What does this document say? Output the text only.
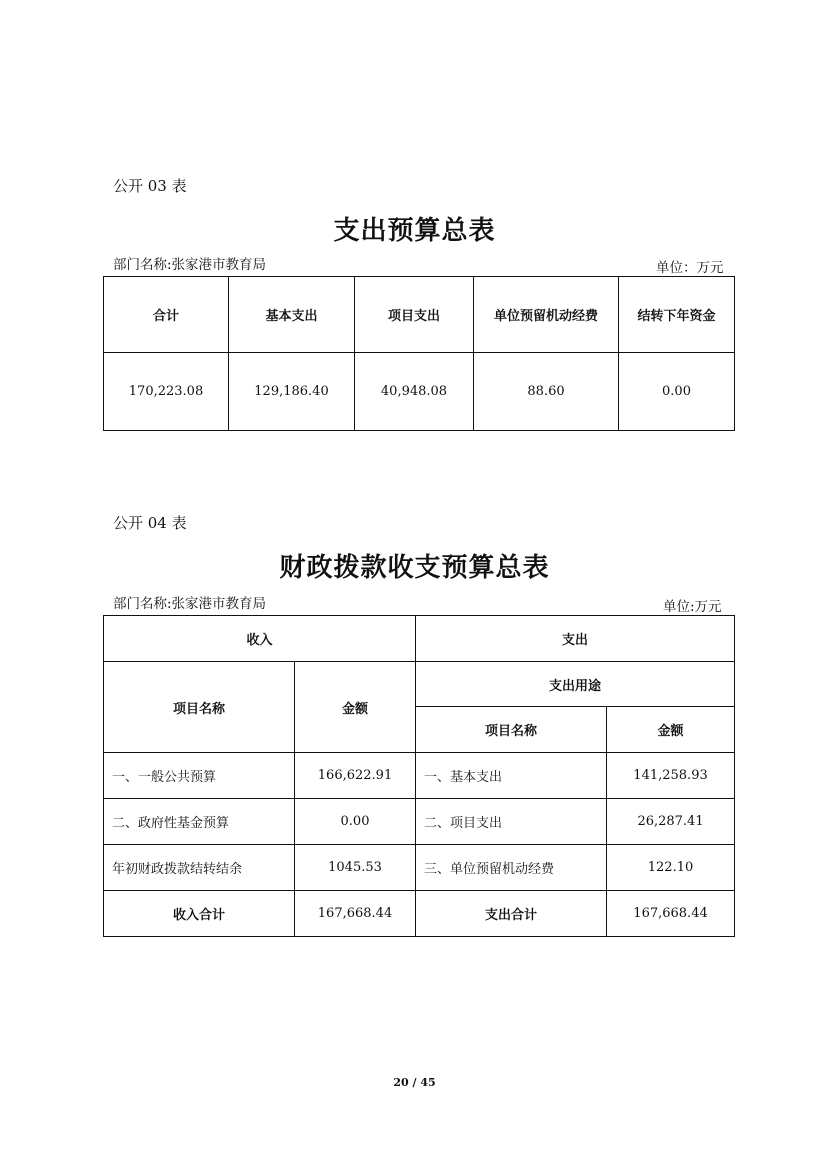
公开 03 表
支出预算总表
部门名称:张家港市教育局	单位：万元
合计	基本支出	项目支出	单位预留机动经费	结转下年资金
170,223.08	129,186.40	40,948.08	88.60	0.00
公开 04 表
财政拨款收支预算总表
部门名称:张家港市教育局	单位:万元
收入		支出	
项目名称	金额	支出用途	
		项目名称	金额
一、一般公共预算	166,622.91	一、基本支出	141,258.93
二、政府性基金预算	0.00	二、项目支出	26,287.41
年初财政拨款结转结余	1045.53	三、单位预留机动经费	122.10
收入合计	167,668.44	支出合计	167,668.44
20 / 45
